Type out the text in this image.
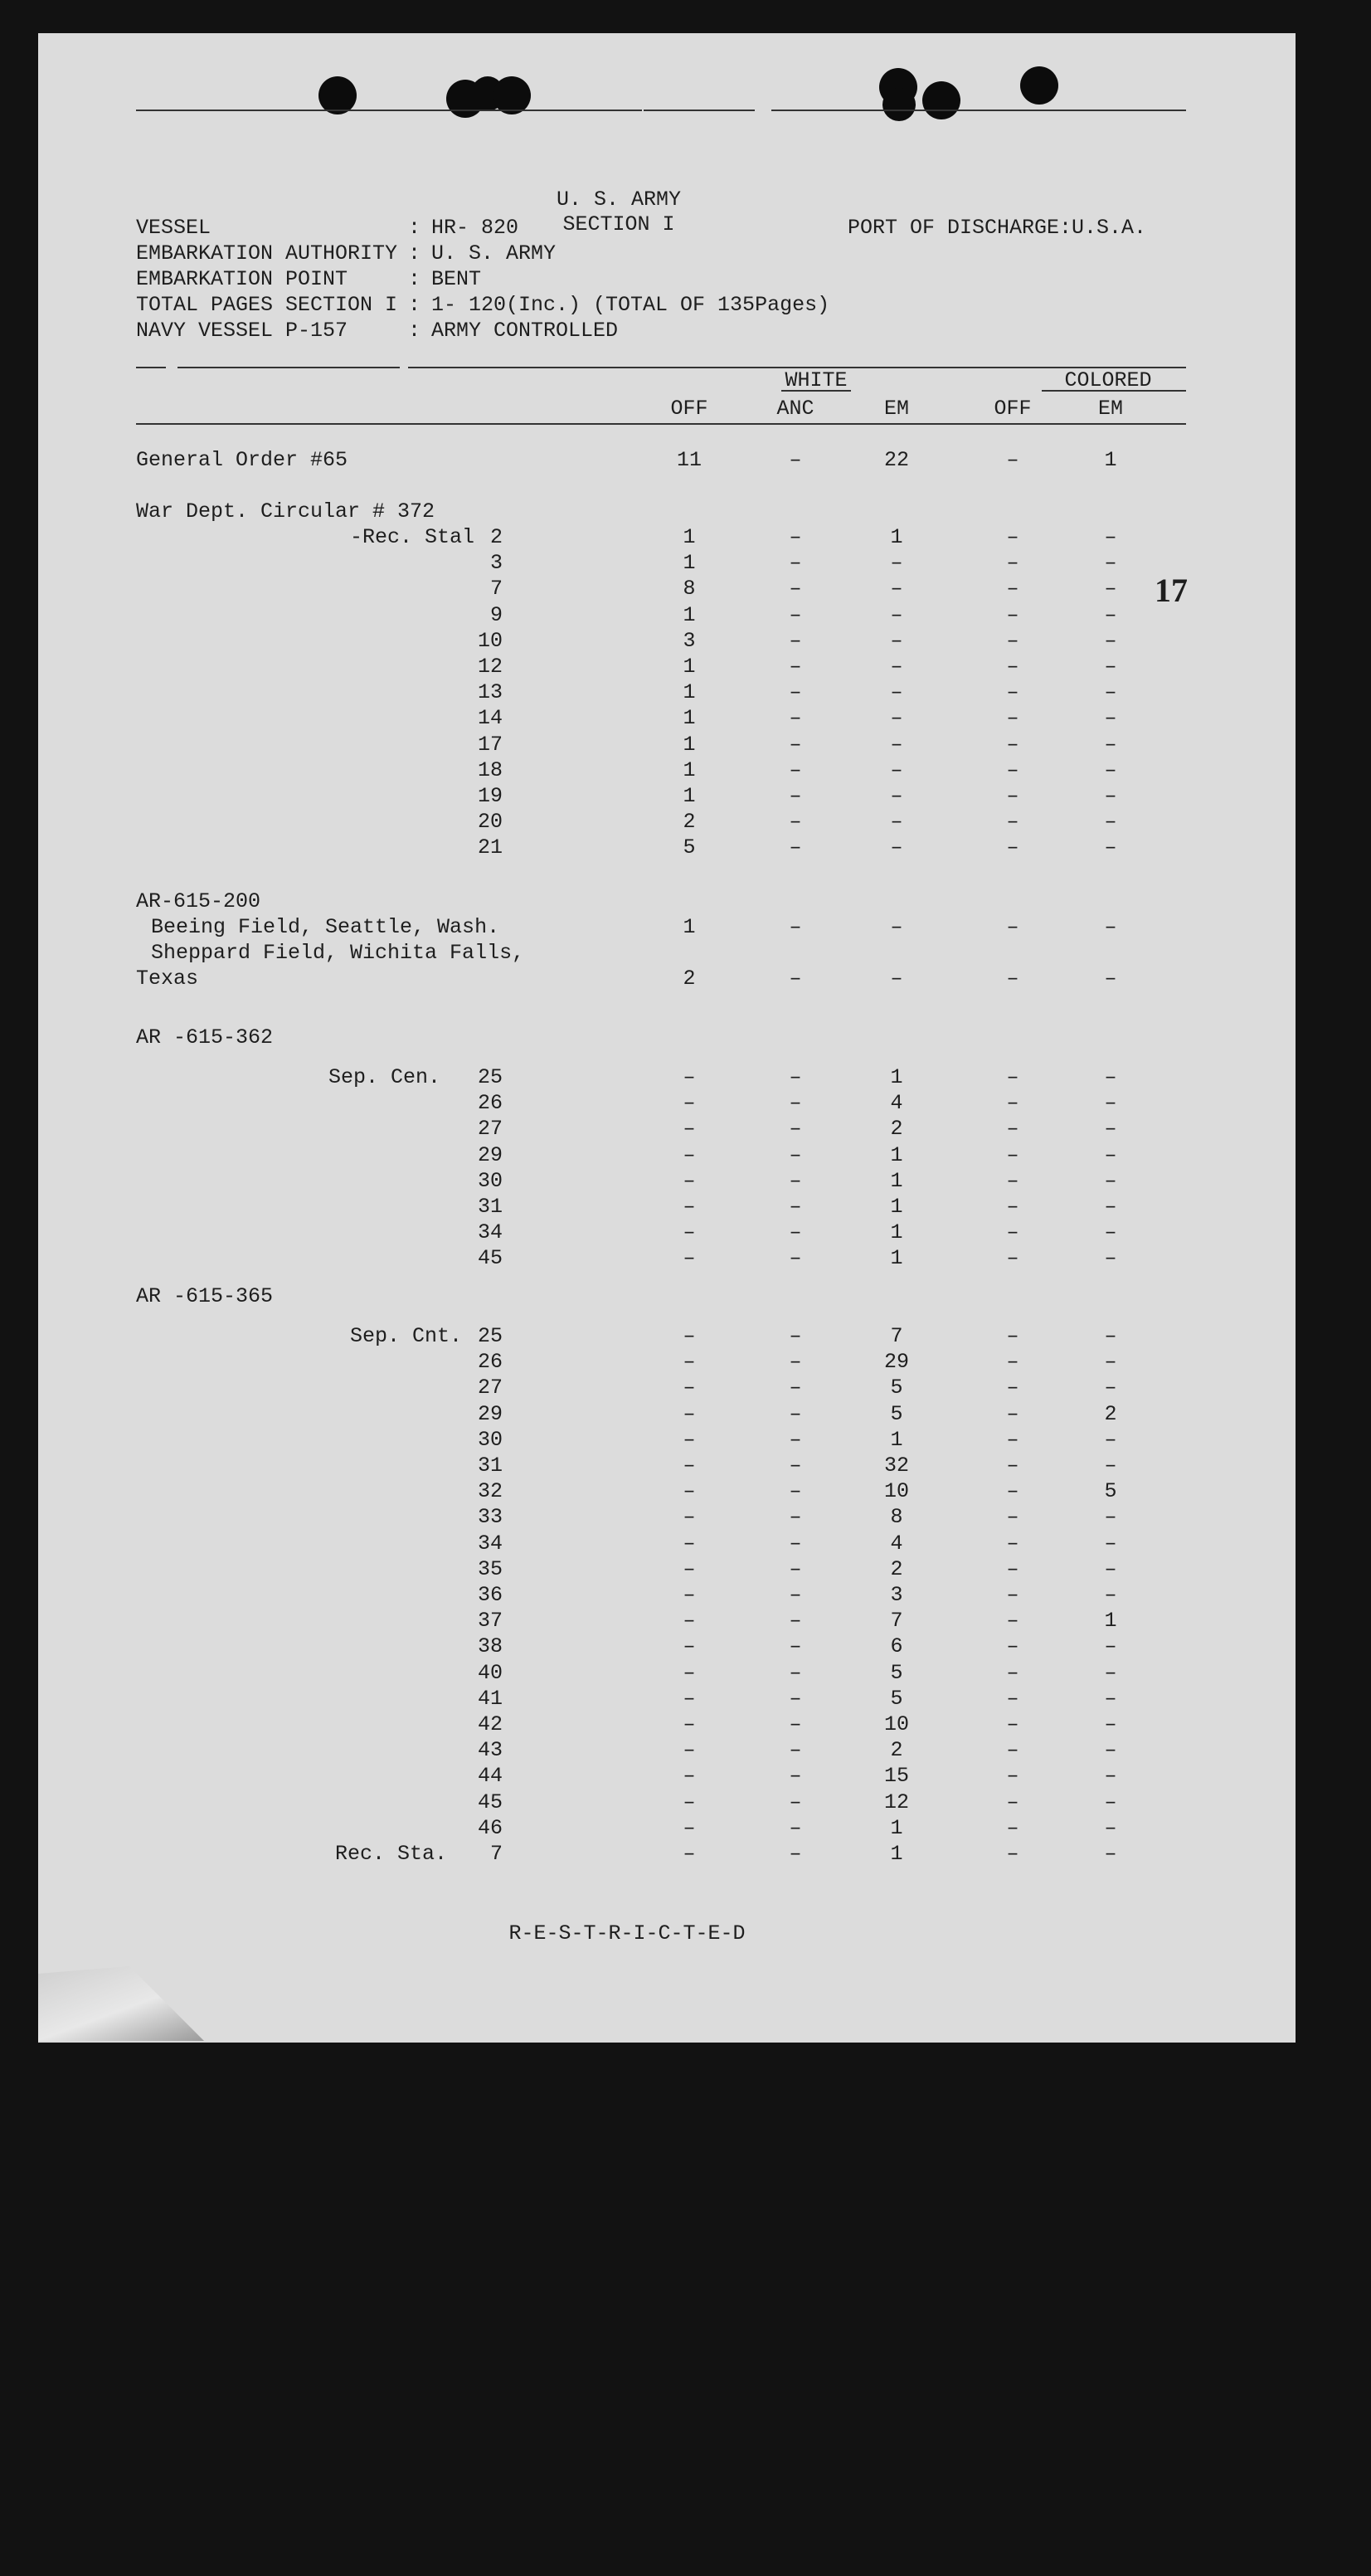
U. S. ARMY

SECTION I

	PORT OF DISCHARGE:U.S.A.
WHITE	COLORED
OFF	ANC	EM	OFF	EM
17
R-E-S-T-R-I-C-T-E-D
VESSEL	: HR- 820
EMBARKATION AUTHORITY : U. S. ARMY
EMBARKATION POINT	: BENT
TOTAL PAGES SECTION I : 1- 120(Inc.) (TOTAL OF 135Pages)
NAVY VESSEL P-157	: ARMY CONTROLLED
General Order #65	11	–	22	–	1
War Dept. Circular # 372
-Rec. Stal 2	1	–	1	–	–
3	1	–	–	–	–
7	8	–	–	–	–
9	1	–	–	–	–
10	3	–	–	–	–
12	1	–	–	–	–
13	1	–	–	–	–
14	1	–	–	–	–
17	1	–	–	–	–
18	1	–	–	–	–
19	1	–	–	–	–
20	2	–	–	–	–
21	5	–	–	–	–
AR-615-200
Beeing Field, Seattle, Wash.	1	–	–	–	–
Sheppard Field, Wichita Falls,
Texas	2	–	–	–	–
AR -615-362
Sep. Cen.	25	–	–	1	–	–
26	–	–	4	–	–
27	–	–	2	–	–
29	–	–	1	–	–
30	–	–	1	–	–
31	–	–	1	–	–
34	–	–	1	–	–
45	–	–	1	–	–
AR -615-365
Sep. Cnt. 25	–	–	7	–	–
26	–	–	29	–	–
27	–	–	5	–	–
29	–	–	5	–	2
30	–	–	1	–	–
31	–	–	32	–	–
32	–	–	10	–	5
33	–	–	8	–	–
34	–	–	4	–	–
35	–	–	2	–	–
36	–	–	3	–	–
37	–	–	7	–	1
38	–	–	6	–	–
40	–	–	5	–	–
41	–	–	5	–	–
42	–	–	10	–	–
43	–	–	2	–	–
44	–	–	15	–	–
45	–	–	12	–	–
46	–	–	1	–	–
Rec. Sta.	7	–	–	1	–	–
